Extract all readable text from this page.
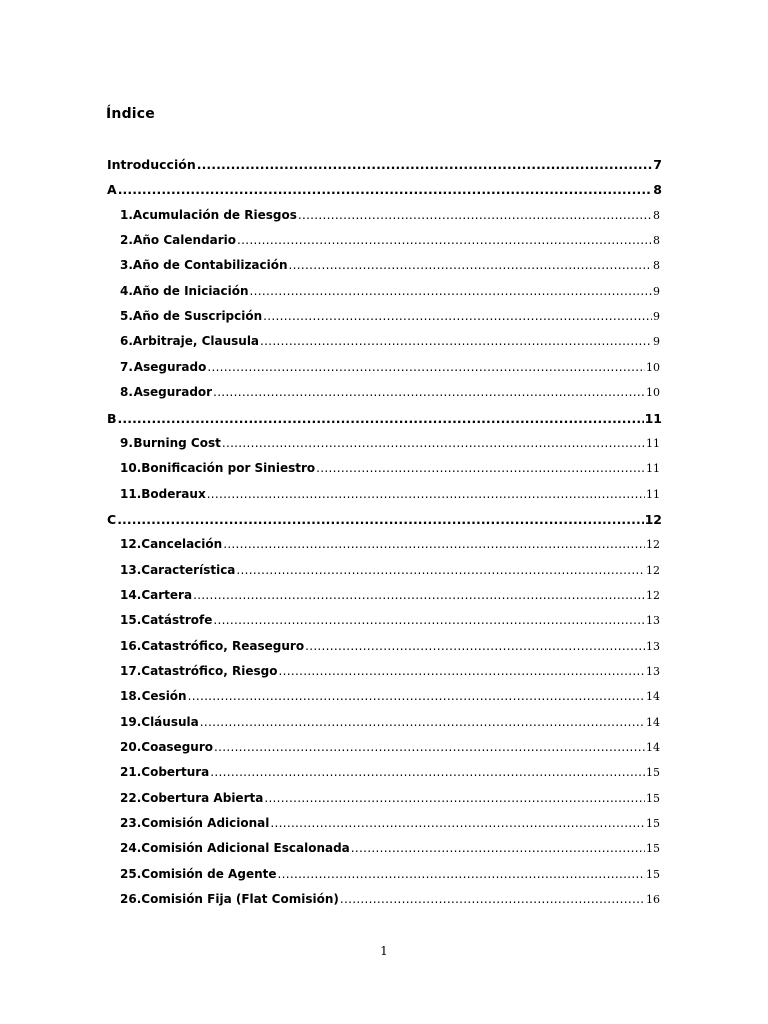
Índice
Introducción .....	7
A .....	8
1. Acumulación de Riesgos .....	8
2. Año Calendario .....	8
3. Año de Contabilización .....	8
4. Año de Iniciación .....	9
5. Año de Suscripción .....	9
6. Arbitraje, Clausula .....	9
7. Asegurado .....	10
8. Asegurador .....	10
B .....	11
9. Burning Cost .....	11
10. Bonificación por Siniestro .....	11
11. Boderaux .....	11
C .....	12
12. Cancelación .....	12
13. Característica .....	12
14. Cartera .....	12
15. Catástrofe .....	13
16. Catastrófico, Reaseguro .....	13
17. Catastrófico, Riesgo .....	13
18. Cesión .....	14
19. Cláusula .....	14
20. Coaseguro .....	14
21. Cobertura .....	15
22. Cobertura Abierta .....	15
23. Comisión Adicional .....	15
24. Comisión Adicional Escalonada .....	15
25. Comisión de Agente .....	15
26. Comisión Fija (Flat Comisión) .....	16
1
